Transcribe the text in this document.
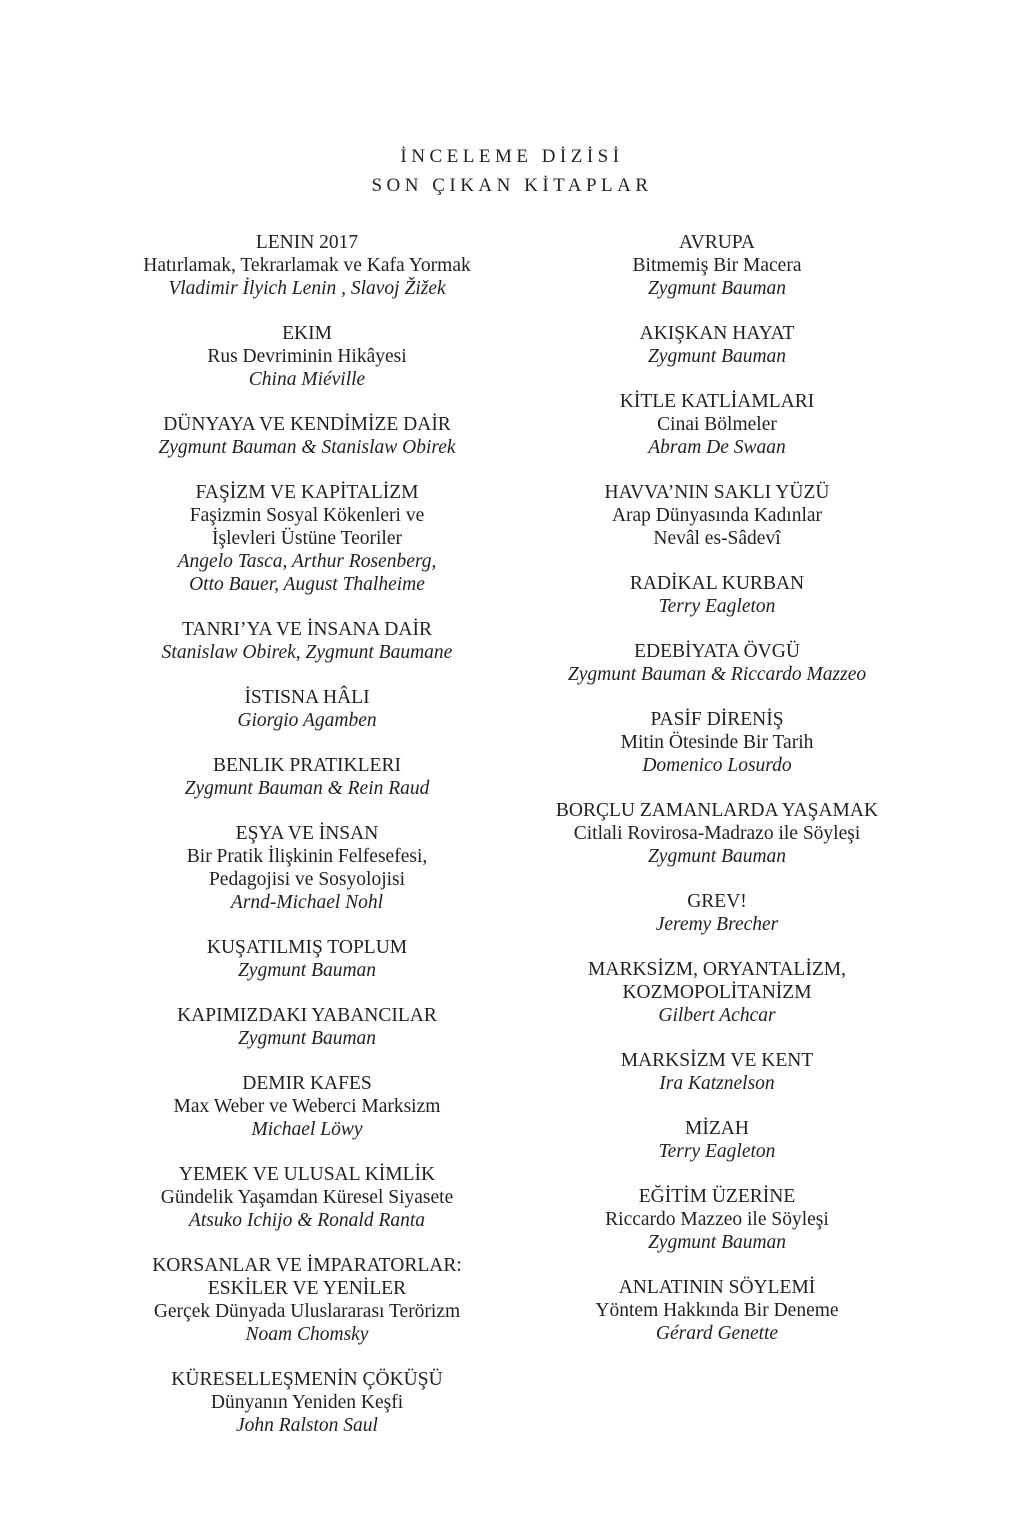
İNCELEME DİZİSİ
SON ÇIKAN KİTAPLAR
LENIN 2017
Hatırlamak, Tekrarlamak ve Kafa Yormak
Vladimir İlyich Lenin , Slavoj Žižek
EKIM
Rus Devriminin Hikâyesi
China Miéville
DÜNYAYA VE KENDİMİZE DAİR
Zygmunt Bauman & Stanislaw Obirek
FAŞİZM VE KAPİTALİZM
Faşizmin Sosyal Kökenleri ve
İşlevleri Üstüne Teoriler
Angelo Tasca, Arthur Rosenberg,
Otto Bauer, August Thalheime
TANRI’YA VE İNSANA DAİR
Stanislaw Obirek, Zygmunt Baumane
İSTISNA HÂLI
Giorgio Agamben
BENLIK PRATIKLERI
Zygmunt Bauman & Rein Raud
EŞYA VE İNSAN
Bir Pratik İlişkinin Felfesefesi,
Pedagojisi ve Sosyolojisi
Arnd-Michael Nohl
KUŞATILMIŞ TOPLUM
Zygmunt Bauman
KAPIMIZDAKI YABANCILAR
Zygmunt Bauman
DEMIR KAFES
Max Weber ve Weberci Marksizm
Michael Löwy
YEMEK VE ULUSAL KİMLİK
Gündelik Yaşamdan Küresel Siyasete
Atsuko Ichijo & Ronald Ranta
KORSANLAR VE İMPARATORLAR:
ESKİLER VE YENİLER
Gerçek Dünyada Uluslararası Terörizm
Noam Chomsky
KÜRESELLEŞMENİN ÇÖKÜŞÜ
Dünyanın Yeniden Keşfi
John Ralston Saul
AVRUPA
Bitmemiş Bir Macera
Zygmunt Bauman
AKIŞKAN HAYAT
Zygmunt Bauman
KİTLE KATLİAMLARI
Cinai Bölmeler
Abram De Swaan
HAVVA’NIN SAKLI YÜZÜ
Arap Dünyasında Kadınlar
Nevâl es-Sâdevî
RADİKAL KURBAN
Terry Eagleton
EDEBİYATA ÖVGÜ
Zygmunt Bauman & Riccardo Mazzeo
PASİF DİRENİŞ
Mitin Ötesinde Bir Tarih
Domenico Losurdo
BORÇLU ZAMANLARDA YAŞAMAK
Citlali Rovirosa-Madrazo ile Söyleşi
Zygmunt Bauman
GREV!
Jeremy Brecher
MARKSİZM, ORYANTALİZM,
KOZMOPOLİTANİZM
Gilbert Achcar
MARKSİZM VE KENT
Ira Katznelson
MİZAH
Terry Eagleton
EĞİTİM ÜZERİNE
Riccardo Mazzeo ile Söyleşi
Zygmunt Bauman
ANLATININ SÖYLEMİ
Yöntem Hakkında Bir Deneme
Gérard Genette
